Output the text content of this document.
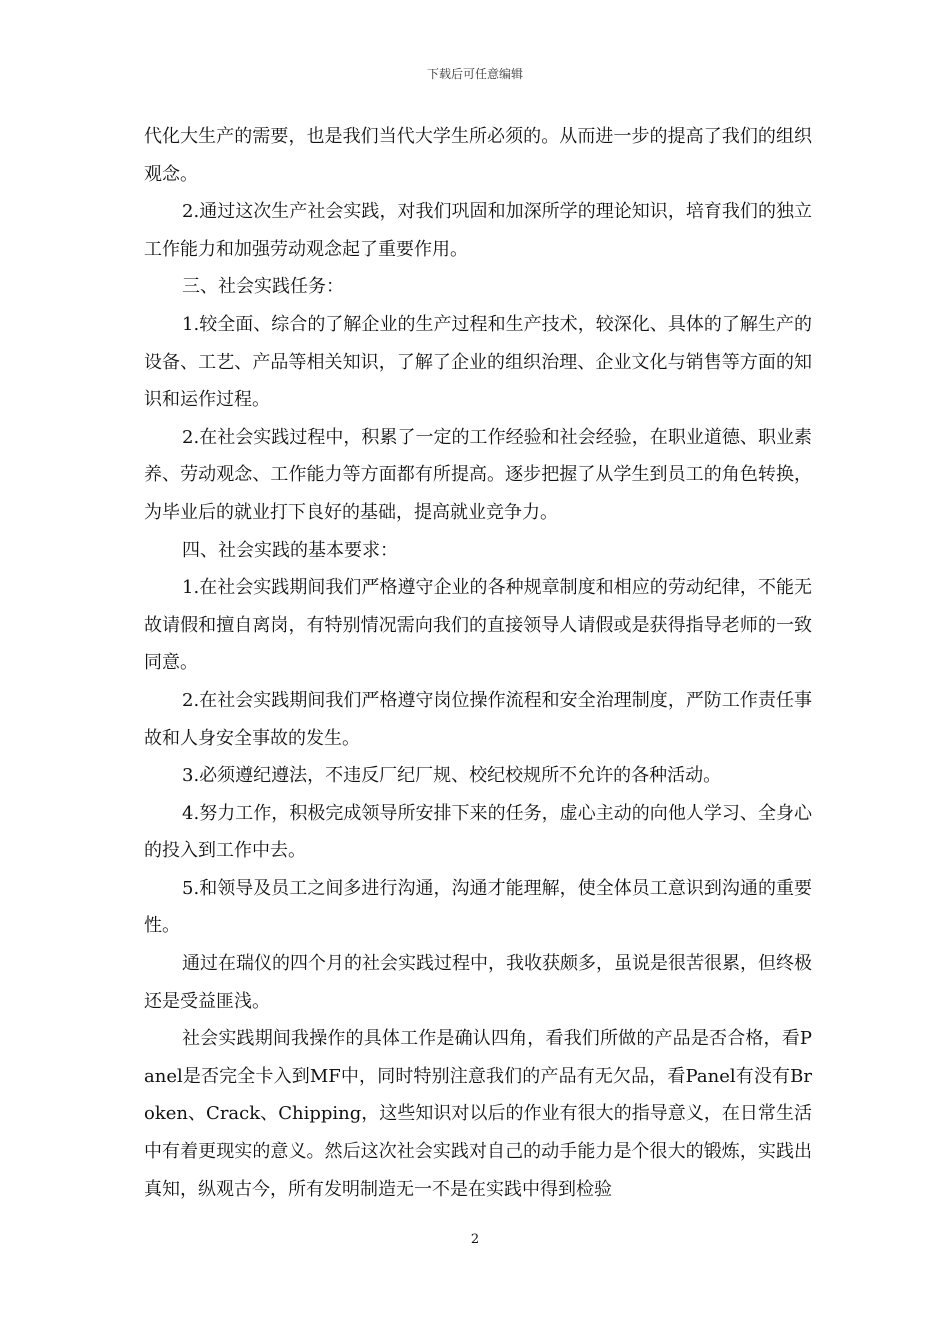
下载后可任意编辑

代化大生产的需要，也是我们当代大学生所必须的。从而进一步的提高了我们的组织观念。

2.通过这次生产社会实践，对我们巩固和加深所学的理论知识，培育我们的独立工作能力和加强劳动观念起了重要作用。

三、社会实践任务：

1.较全面、综合的了解企业的生产过程和生产技术，较深化、具体的了解生产的设备、工艺、产品等相关知识，了解了企业的组织治理、企业文化与销售等方面的知识和运作过程。

2.在社会实践过程中，积累了一定的工作经验和社会经验，在职业道德、职业素养、劳动观念、工作能力等方面都有所提高。逐步把握了从学生到员工的角色转换，为毕业后的就业打下良好的基础，提高就业竞争力。

四、社会实践的基本要求：

1.在社会实践期间我们严格遵守企业的各种规章制度和相应的劳动纪律，不能无故请假和擅自离岗，有特别情况需向我们的直接领导人请假或是获得指导老师的一致同意。

2.在社会实践期间我们严格遵守岗位操作流程和安全治理制度，严防工作责任事故和人身安全事故的发生。

3.必须遵纪遵法，不违反厂纪厂规、校纪校规所不允许的各种活动。

4.努力工作，积极完成领导所安排下来的任务，虚心主动的向他人学习、全身心的投入到工作中去。

5.和领导及员工之间多进行沟通，沟通才能理解，使全体员工意识到沟通的重要性。

通过在瑞仪的四个月的社会实践过程中，我收获颇多，虽说是很苦很累，但终极还是受益匪浅。

社会实践期间我操作的具体工作是确认四角，看我们所做的产品是否合格，看Panel是否完全卡入到MF中，同时特别注意我们的产品有无欠品，看Panel有没有Broken、Crack、Chipping，这些知识对以后的作业有很大的指导意义，在日常生活中有着更现实的意义。然后这次社会实践对自己的动手能力是个很大的锻炼，实践出真知，纵观古今，所有发明制造无一不是在实践中得到检验

2
